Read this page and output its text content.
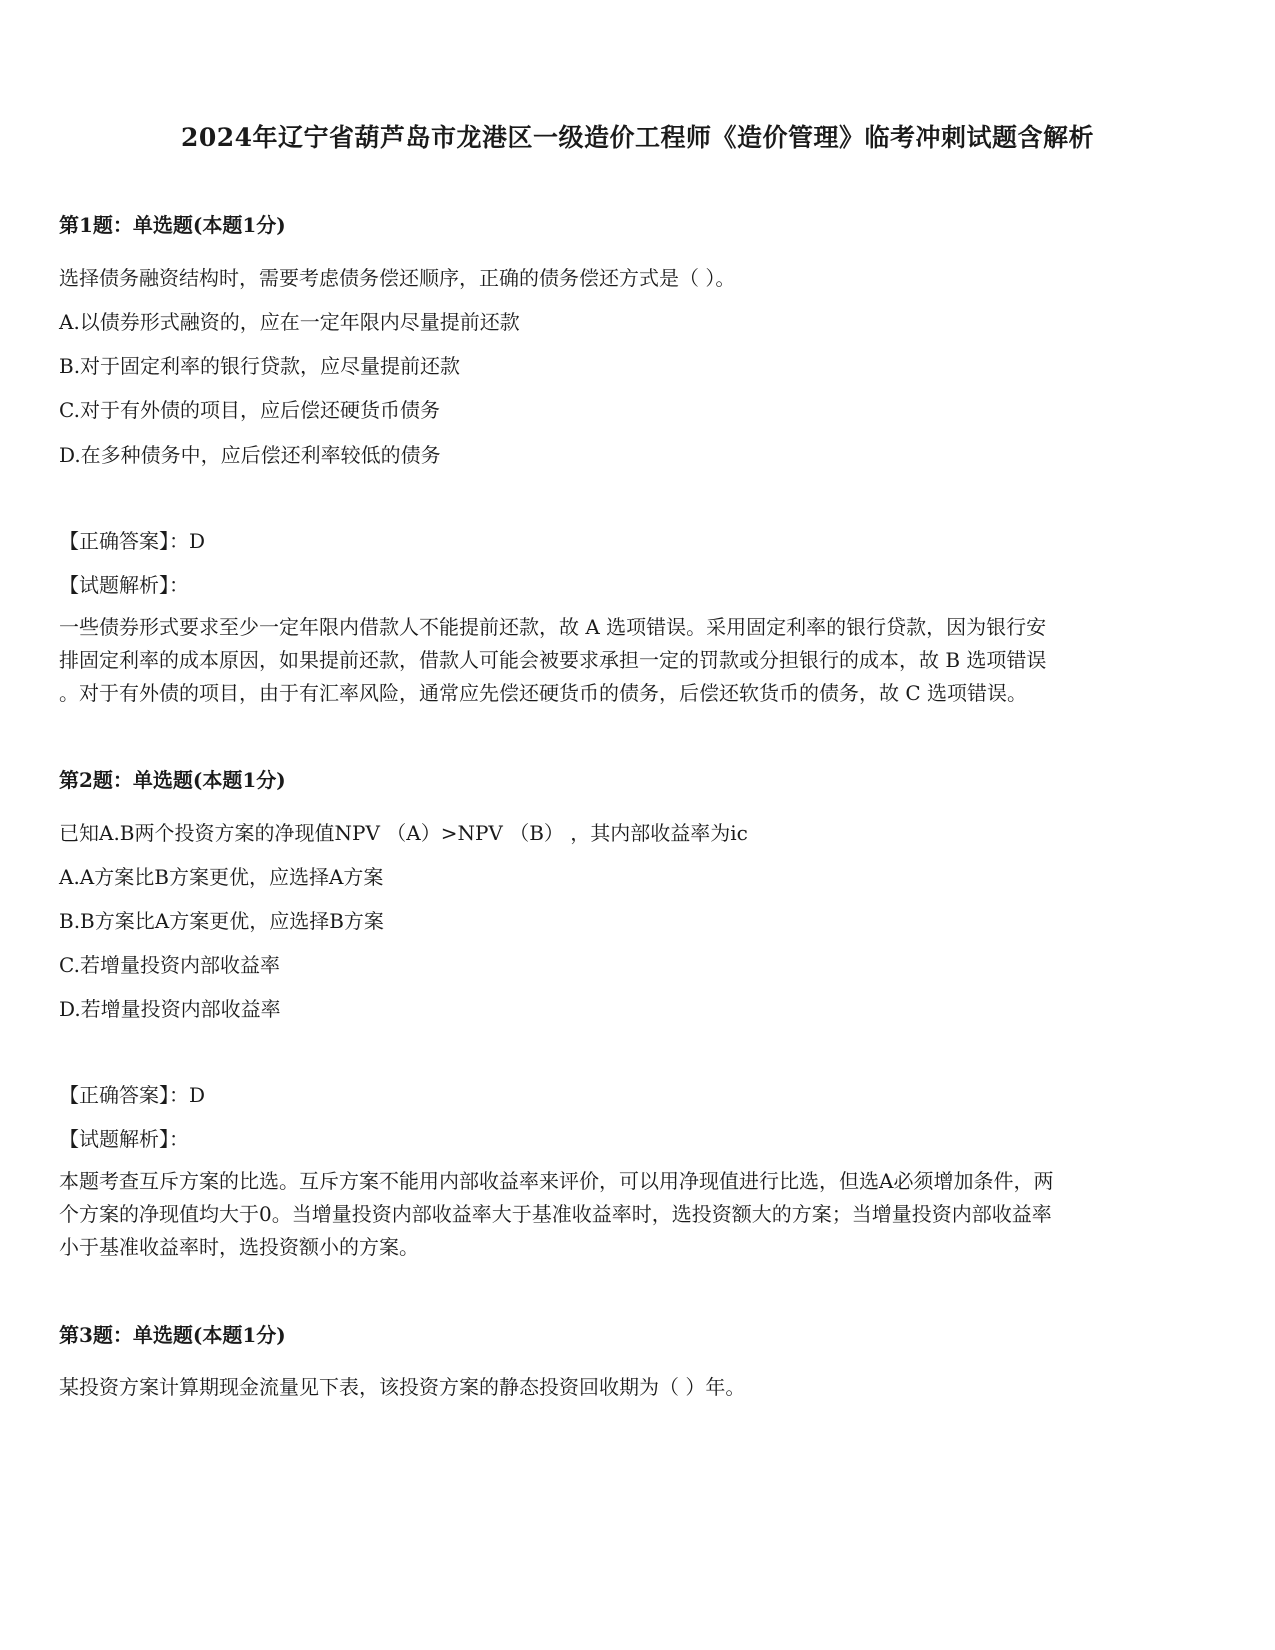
2024年辽宁省葫芦岛市龙港区一级造价工程师《造价管理》临考冲刺试题含解析
第1题：单选题(本题1分)
选择债务融资结构时，需要考虑债务偿还顺序，正确的债务偿还方式是（ ）。
A.以债券形式融资的，应在一定年限内尽量提前还款
B.对于固定利率的银行贷款，应尽量提前还款
C.对于有外债的项目，应后偿还硬货币债务
D.在多种债务中，应后偿还利率较低的债务
【正确答案】：D
【试题解析】：
一些债券形式要求至少一定年限内借款人不能提前还款，故 A 选项错误。采用固定利率的银行贷款，因为银行安
排固定利率的成本原因，如果提前还款，借款人可能会被要求承担一定的罚款或分担银行的成本，故 B 选项错误
。对于有外债的项目，由于有汇率风险，通常应先偿还硬货币的债务，后偿还软货币的债务，故 C 选项错误。
第2题：单选题(本题1分)
已知A.B两个投资方案的净现值NPV （A）>NPV （B） ，其内部收益率为ic
A.A方案比B方案更优，应选择A方案
B.B方案比A方案更优，应选择B方案
C.若增量投资内部收益率
D.若增量投资内部收益率
【正确答案】：D
【试题解析】：
本题考查互斥方案的比选。互斥方案不能用内部收益率来评价，可以用净现值进行比选，但选A必须增加条件，两
个方案的净现值均大于0。当增量投资内部收益率大于基准收益率时，选投资额大的方案；当增量投资内部收益率
小于基准收益率时，选投资额小的方案。
第3题：单选题(本题1分)
某投资方案计算期现金流量见下表，该投资方案的静态投资回收期为（ ）年。
